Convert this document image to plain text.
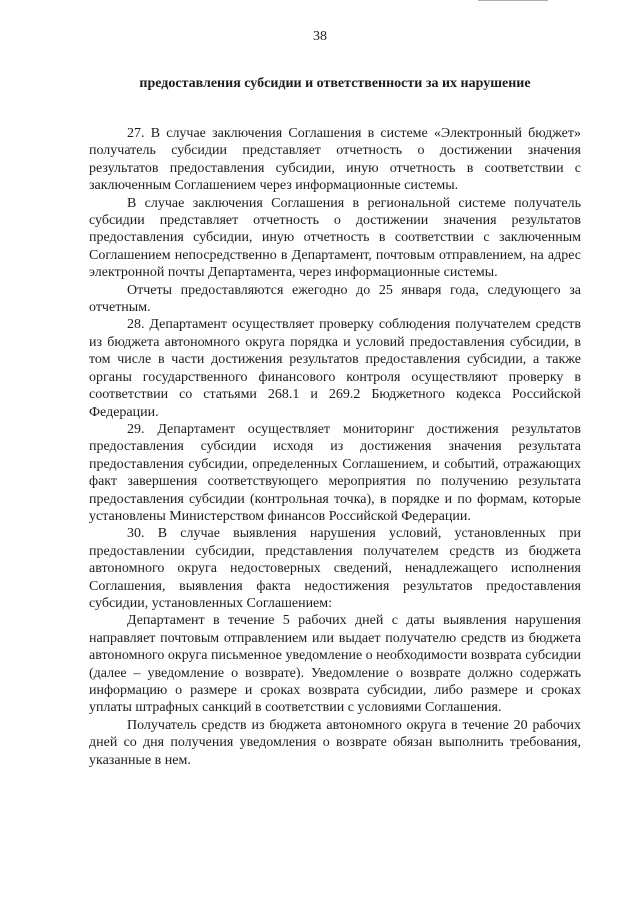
38
предоставления субсидии и ответственности за их нарушение

27. В случае заключения Соглашения в системе «Электронный бюджет» получатель субсидии представляет отчетность о достижении значения результатов предоставления субсидии, иную отчетность в соответствии с заключенным Соглашением через информационные системы.

В случае заключения Соглашения в региональной системе получатель субсидии представляет отчетность о достижении значения результатов предоставления субсидии, иную отчетность в соответствии с заключенным Соглашением непосредственно в Департамент, почтовым отправлением, на адрес электронной почты Департамента, через информационные системы.

Отчеты предоставляются ежегодно до 25 января года, следующего за отчетным.

28. Департамент осуществляет проверку соблюдения получателем средств из бюджета автономного округа порядка и условий предоставления субсидии, в том числе в части достижения результатов предоставления субсидии, а также органы государственного финансового контроля осуществляют проверку в соответствии со статьями 268.1 и 269.2 Бюджетного кодекса Российской Федерации.

29. Департамент осуществляет мониторинг достижения результатов предоставления субсидии исходя из достижения значения результата предоставления субсидии, определенных Соглашением, и событий, отражающих факт завершения соответствующего мероприятия по получению результата предоставления субсидии (контрольная точка), в порядке и по формам, которые установлены Министерством финансов Российской Федерации.

30. В случае выявления нарушения условий, установленных при предоставлении субсидии, представления получателем средств из бюджета автономного округа недостоверных сведений, ненадлежащего исполнения Соглашения, выявления факта недостижения результатов предоставления субсидии, установленных Соглашением:

Департамент в течение 5 рабочих дней с даты выявления нарушения направляет почтовым отправлением или выдает получателю средств из бюджета автономного округа письменное уведомление о необходимости возврата субсидии (далее – уведомление о возврате). Уведомление о возврате должно содержать информацию о размере и сроках возврата субсидии, либо размере и сроках уплаты штрафных санкций в соответствии с условиями Соглашения.

Получатель средств из бюджета автономного округа в течение 20 рабочих дней со дня получения уведомления о возврате обязан выполнить требования, указанные в нем.
